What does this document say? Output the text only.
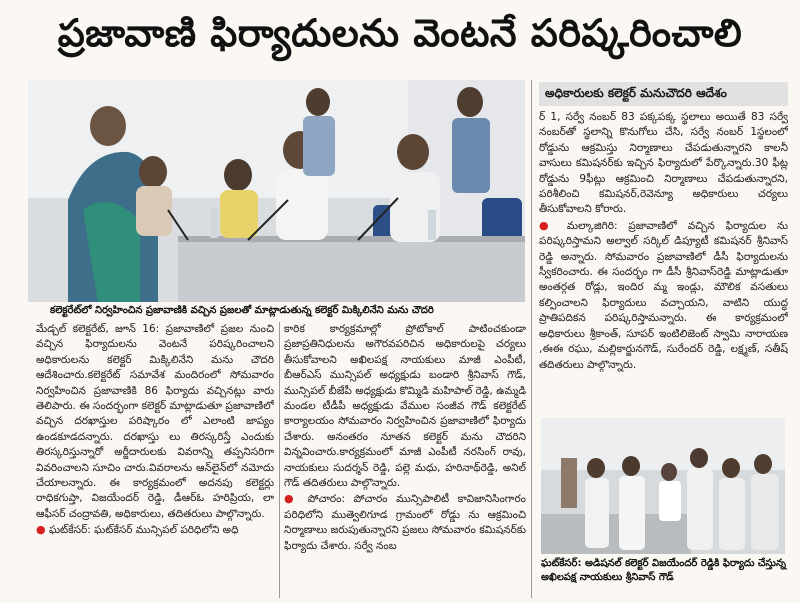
ప్రజావాణి ఫిర్యాదులను వెంటనే పరిష్కరించాలి
కలెక్టరేట్‌లో నిర్వహించిన ప్రజావాణికి వచ్చిన ప్రజలతో మాట్లాడుతున్న కలెక్టర్ మిక్కిలినేని మను చౌదరి
అధికారులకు కలెక్టర్ మనుచౌదరి ఆదేశం

మేడ్చల్ కలెక్టరేట్, జూన్ 16: ప్రజావాణిలో ప్రజల నుంచి వచ్చిన ఫిర్యాదులను వెంటనే పరిష్కరించాలని అధికారులను కలెక్టర్ మిక్కిలినేని మను చౌదరి ఆదేశించారు.కలెక్టరేట్ సమావేశ మందిరంలో సోమవారం నిర్వహించిన ప్రజావాణికి 86 ఫిర్యాదు వచ్చినట్లు వారు తెలిపారు. ఈ సందర్భంగా కలెక్టర్ మాట్లాడుతూ ప్రజావాణిలో వచ్చిన దరఖాస్తుల పరిష్కారం లో ఎలాంటి జాప్యం ఉండకూడదన్నారు. దరఖాస్తు లు తిరస్కరిస్తే ఎందుకు తిరస్కరిస్తున్నారో అర్జీదారులకు వివరాన్ని తప్పనిసరిగా వివరించాలని సూచిం చారు.వివరాలను ఆన్‌లైన్‌లో నమోదు చేయాలన్నారు. ఈ కార్యక్రమంలో అదనపు కలెక్టర్లు రాధికగుప్తా, విజయేందర్ రెడ్డి, డీఆర్ఓ హరిప్రియ, లా ఆఫీసర్ చంద్రావతి, అధికారులు, తదితరులు పాల్గొన్నారు.

● ఘట్‌కేసర్: ఘట్‌కేసర్ మున్సిపల్ పరిధిలోని అధి

కారిక కార్యక్రమాల్లో ప్రోటోకాల్ పాటించకుండా ప్రజాప్రతినిధులను అగౌరవపరిచిన అధికారులపై చర్యలు తీసుకోవాలని అఖిలపక్ష నాయకులు మాజీ ఎంపీటీ, బీఆర్ఎస్ మున్సిపల్ అధ్యక్షుడు బండారి శ్రీనివాస్ గౌడ్, మున్సిపల్ బీజేపీ అధ్యక్షుడు కొమ్మిడి మహిపాల్ రెడ్డి, ఉమ్మడి మండల టీడీపీ అధ్యక్షుడు వేముల సంజీవ గౌడ్ కలెక్టరేట్ కార్యాలయం సోమవారం నిర్వహించిన ప్రజావాణిలో ఫిర్యాదు చేశారు. అనంతరం నూతన కలెక్టర్ మను చౌదరిని విన్నవించారు.కార్యక్రమంలో మాజీ ఎంపీటీ నరసింగ్ రావు, నాయకులు సుదర్శన్ రెడ్డి, పల్లె మధు, హరినాథ్‌రెడ్డి, అనిల్ గౌడ్ తదితరులు పాల్గొన్నారు.

● పోచారం: పోచారం మున్సిపాలిటీ కావిజానిసింగారం పరిధిలోని ముత్వెలిగూడ గ్రామంలో రోడ్డు ను ఆక్రమించి నిర్మాణాలు జరుపుతున్నారని ప్రజలు సోమవారం కమిషనర్‌కు ఫిర్యాదు చేశారు. సర్వే నంబ

ర్ 1, సర్వే నంబర్ 83 పక్కపక్క స్థలాలు అయితే 83 సర్వే నంబర్‌తో స్థలాన్ని కొనుగోలు చేసి, సర్వే నంబర్ 1స్థలంలో రోడ్డును ఆక్రమిస్తు నిర్మాణాలు చేపడుతున్నారని కాలనీ వాసులు కమిషనర్‌కు ఇచ్చిన ఫిర్యాదులో పేర్కొన్నారు.30 ఫీట్ల రోడ్డును 9ఫీట్లు ఆక్రమించి నిర్మాణాలు చేపడుతున్నారని, పరిశీలించి కమిషనర్,రెవెన్యూ అధికారులు చర్యలు తీసుకోవాలని కోరారు.

● మల్కాజిగిరి: ప్రజావాణిలో వచ్చిన ఫిర్యాదుల ను పరిష్కరిస్తామని అల్వాల్ సర్కిల్ డిప్యూటీ కమిషనర్ శ్రీనివాస్ రెడ్డి అన్నారు. సోమవారం ప్రజావాణిలో డీసీ ఫిర్యాదులను స్వీకరించారు. ఈ సందర్భం గా డీసీ శ్రీనివాస్‌రెడ్డి మాట్లాడుతూ అంతర్గత రోడ్లు, ఇందిర మ్మ ఇండ్లు, మౌలిక వసతులు కల్పించాలని ఫిర్యాదులు వచ్చాయని, వాటిని యుద్ధ ప్రాతిపదికన పరిష్కరిస్తామన్నారు. ఈ కార్యక్రమంలో అధికారులు శ్రీకాంత్, సూపర్ ఇంటిలిజెంట్ స్వామి నారాయణ ,ఈఈ రఘు, మల్లికార్జునగౌడ్, సురేందర్ రెడ్డి, లక్ష్మణ్, సతీష్ తదితరులు పాల్గొన్నారు.

ఘట్‌కేసర్: అడిషనల్ కలెక్టర్ విజయేందర్ రెడ్డికి ఫిర్యాదు చేస్తున్న అఖిలపక్ష నాయకులు శ్రీనివాస్ గౌడ్
